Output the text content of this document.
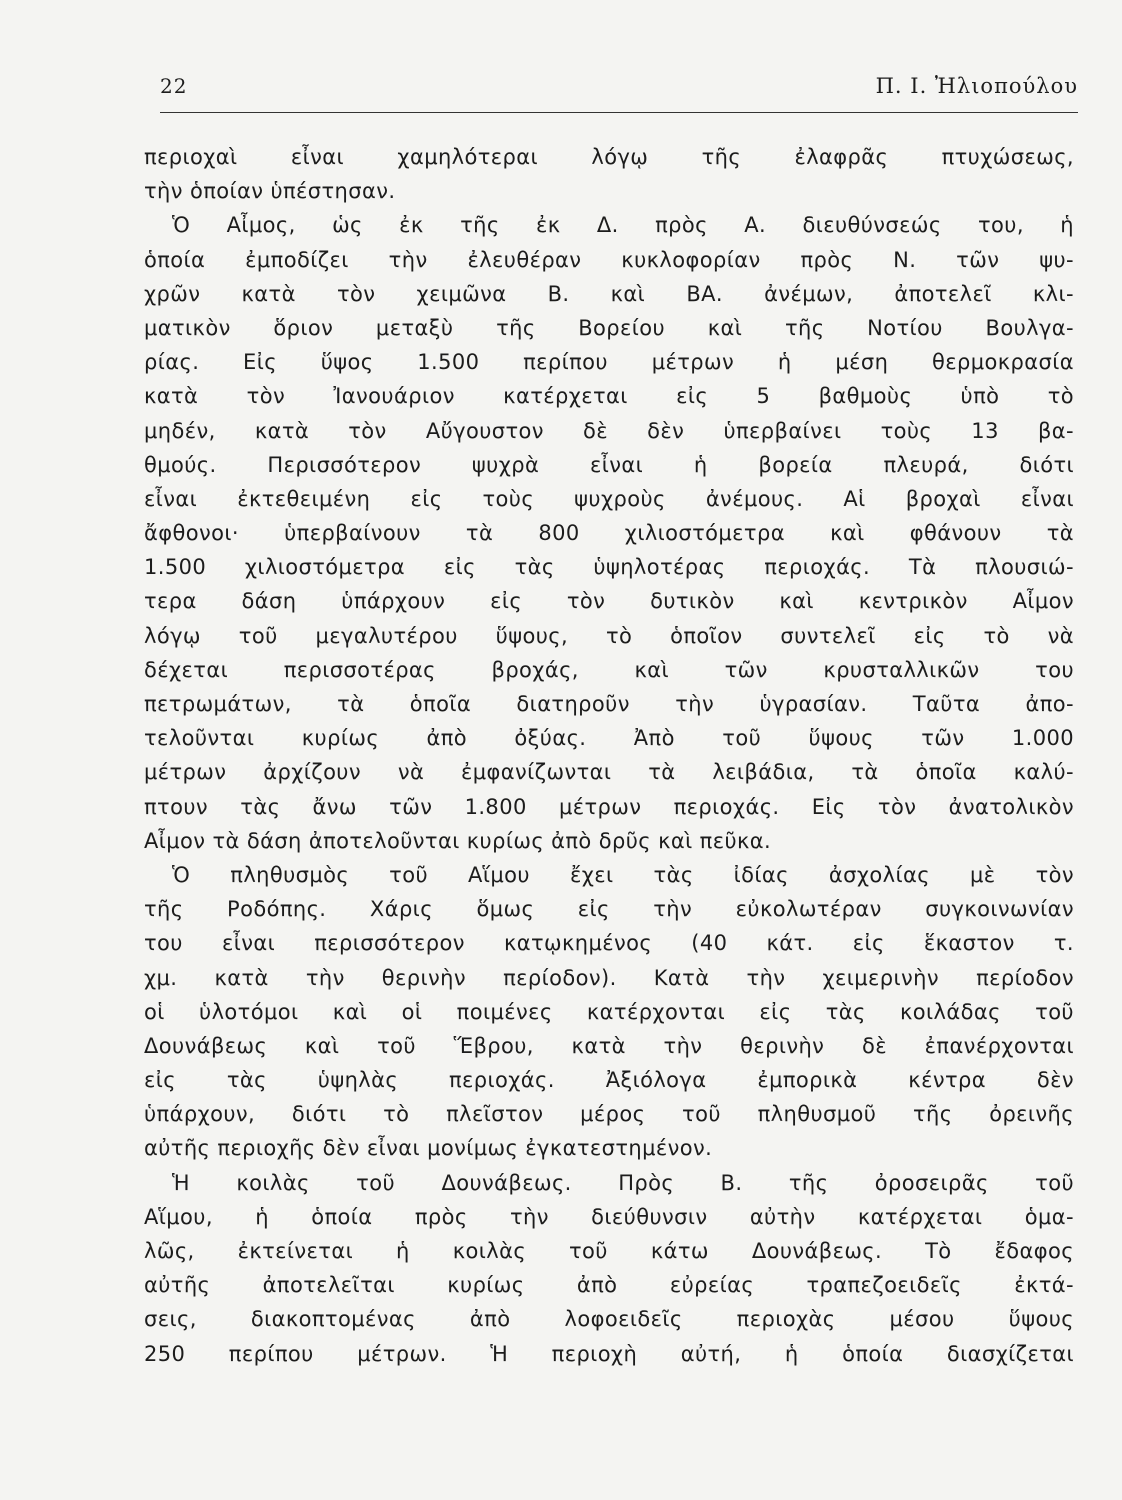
22	Π. Ι. Ἠλιοπούλου
περιοχαὶ εἶναι χαμηλότεραι λόγῳ τῆς ἐλαφρᾶς πτυχώσεως,
τὴν ὁποίαν ὑπέστησαν.
Ὁ Αἶμος, ὡς ἐκ τῆς ἐκ Δ. πρὸς Α. διευθύνσεώς του, ἡ
ὁποία ἐμποδίζει τὴν ἐλευθέραν κυκλοφορίαν πρὸς Ν. τῶν ψυ-
χρῶν κατὰ τὸν χειμῶνα Β. καὶ ΒΑ. ἀνέμων, ἀποτελεῖ κλι-
ματικὸν ὅριον μεταξὺ τῆς Βορείου καὶ τῆς Νοτίου Βουλγα-
ρίας. Εἰς ὕψος 1.500 περίπου μέτρων ἡ μέση θερμοκρασία
κατὰ τὸν Ἰανουάριον κατέρχεται εἰς 5 βαθμοὺς ὑπὸ τὸ
μηδέν, κατὰ τὸν Αὔγουστον δὲ δὲν ὑπερβαίνει τοὺς 13 βα-
θμούς. Περισσότερον ψυχρὰ εἶναι ἡ βορεία πλευρά, διότι
εἶναι ἐκτεθειμένη εἰς τοὺς ψυχροὺς ἀνέμους. Αἱ βροχαὶ εἶναι
ἄφθονοι· ὑπερβαίνουν τὰ 800 χιλιοστόμετρα καὶ φθάνουν τὰ
1.500 χιλιοστόμετρα εἰς τὰς ὑψηλοτέρας περιοχάς. Τὰ πλουσιώ-
τερα δάση ὑπάρχουν εἰς τὸν δυτικὸν καὶ κεντρικὸν Αἶμον
λόγῳ τοῦ μεγαλυτέρου ὕψους, τὸ ὁποῖον συντελεῖ εἰς τὸ νὰ
δέχεται περισσοτέρας βροχάς, καὶ τῶν κρυσταλλικῶν του
πετρωμάτων, τὰ ὁποῖα διατηροῦν τὴν ὑγρασίαν. Ταῦτα ἀπο-
τελοῦνται κυρίως ἀπὸ ὀξύας. Ἀπὸ τοῦ ὕψους τῶν 1.000
μέτρων ἀρχίζουν νὰ ἐμφανίζωνται τὰ λειβάδια, τὰ ὁποῖα καλύ-
πτουν τὰς ἄνω τῶν 1.800 μέτρων περιοχάς. Εἰς τὸν ἀνατολικὸν
Αἶμον τὰ δάση ἀποτελοῦνται κυρίως ἀπὸ δρῦς καὶ πεῦκα.
Ὁ πληθυσμὸς τοῦ Αἵμου ἔχει τὰς ἰδίας ἀσχολίας μὲ τὸν
τῆς Ροδόπης. Χάρις ὅμως εἰς τὴν εὐκολωτέραν συγκοινωνίαν
του εἶναι περισσότερον κατῳκημένος (40 κάτ. εἰς ἕκαστον τ.
χμ. κατὰ τὴν θερινὴν περίοδον). Κατὰ τὴν χειμερινὴν περίοδον
οἱ ὑλοτόμοι καὶ οἱ ποιμένες κατέρχονται εἰς τὰς κοιλάδας τοῦ
Δουνάβεως καὶ τοῦ Ἕβρου, κατὰ τὴν θερινὴν δὲ ἐπανέρχονται
εἰς τὰς ὑψηλὰς περιοχάς. Ἀξιόλογα ἐμπορικὰ κέντρα δὲν
ὑπάρχουν, διότι τὸ πλεῖστον μέρος τοῦ πληθυσμοῦ τῆς ὀρεινῆς
αὐτῆς περιοχῆς δὲν εἶναι μονίμως ἐγκατεστημένον.
Ἡ κοιλὰς τοῦ Δουνάβεως. Πρὸς Β. τῆς ὀροσειρᾶς τοῦ
Αἵμου, ἡ ὁποία πρὸς τὴν διεύθυνσιν αὐτὴν κατέρχεται ὁμα-
λῶς, ἐκτείνεται ἡ κοιλὰς τοῦ κάτω Δουνάβεως. Τὸ ἔδαφος
αὐτῆς ἀποτελεῖται κυρίως ἀπὸ εὐρείας τραπεζοειδεῖς ἐκτά-
σεις, διακοπτομένας ἀπὸ λοφοειδεῖς περιοχὰς μέσου ὕψους
250 περίπου μέτρων. Ἡ περιοχὴ αὐτή, ἡ ὁποία διασχίζεται
